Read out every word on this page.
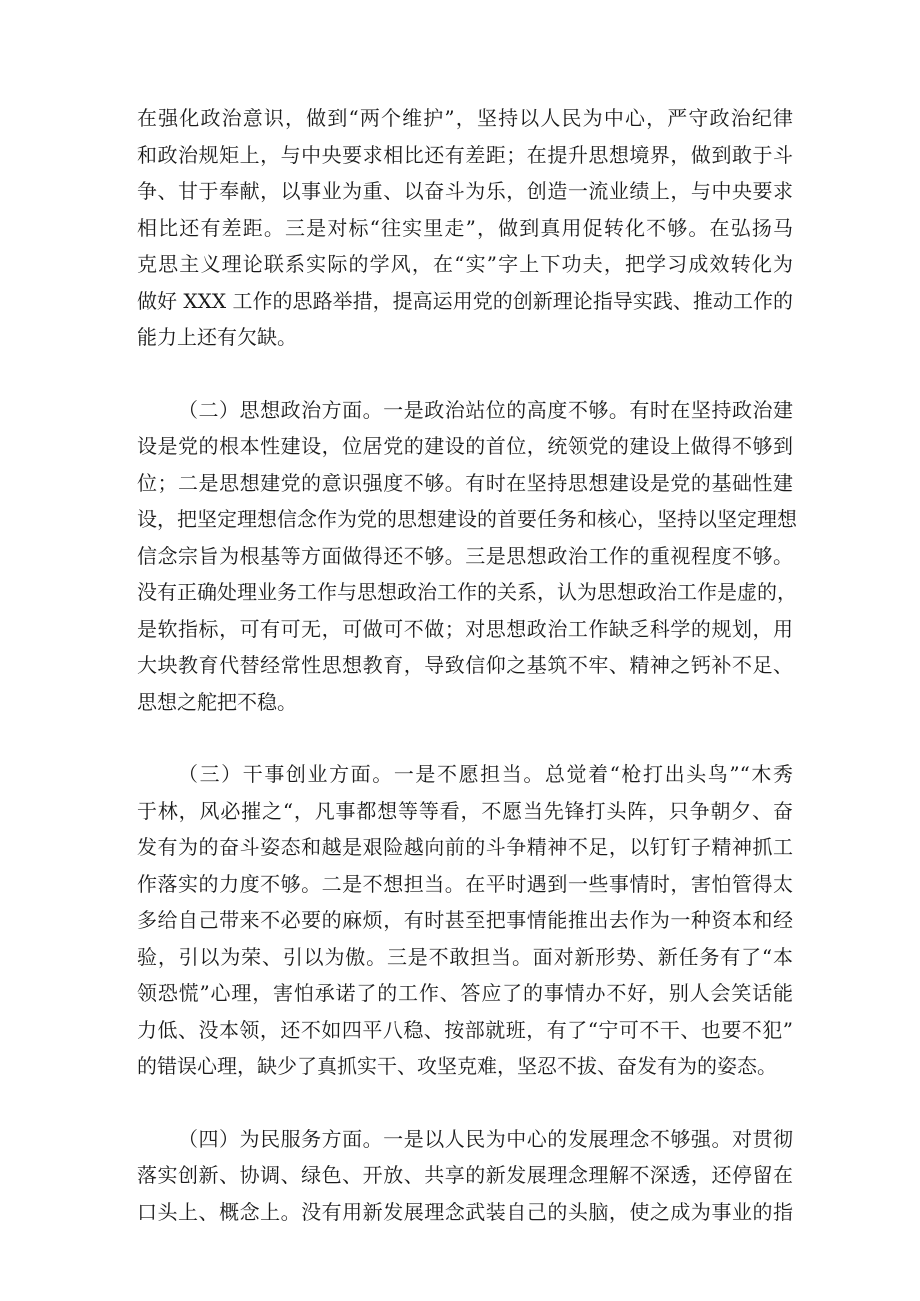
在强化政治意识，做到“两个维护”，坚持以人民为中心，严守政治纪律
和政治规矩上，与中央要求相比还有差距；在提升思想境界，做到敢于斗
争、甘于奉献，以事业为重、以奋斗为乐，创造一流业绩上，与中央要求
相比还有差距。三是对标“往实里走”，做到真用促转化不够。在弘扬马
克思主义理论联系实际的学风，在“实”字上下功夫，把学习成效转化为
做好 XXX 工作的思路举措，提高运用党的创新理论指导实践、推动工作的
能力上还有欠缺。

（二）思想政治方面。一是政治站位的高度不够。有时在坚持政治建
设是党的根本性建设，位居党的建设的首位，统领党的建设上做得不够到
位；二是思想建党的意识强度不够。有时在坚持思想建设是党的基础性建
设，把坚定理想信念作为党的思想建设的首要任务和核心，坚持以坚定理想
信念宗旨为根基等方面做得还不够。三是思想政治工作的重视程度不够。
没有正确处理业务工作与思想政治工作的关系，认为思想政治工作是虚的，
是软指标，可有可无，可做可不做；对思想政治工作缺乏科学的规划，用
大块教育代替经常性思想教育，导致信仰之基筑不牢、精神之钙补不足、
思想之舵把不稳。

（三）干事创业方面。一是不愿担当。总觉着“枪打出头鸟”“木秀
于林，风必摧之“，凡事都想等等看，不愿当先锋打头阵，只争朝夕、奋
发有为的奋斗姿态和越是艰险越向前的斗争精神不足，以钉钉子精神抓工
作落实的力度不够。二是不想担当。在平时遇到一些事情时，害怕管得太
多给自己带来不必要的麻烦，有时甚至把事情能推出去作为一种资本和经
验，引以为荣、引以为傲。三是不敢担当。面对新形势、新任务有了“本
领恐慌”心理，害怕承诺了的工作、答应了的事情办不好，别人会笑话能
力低、没本领，还不如四平八稳、按部就班，有了“宁可不干、也要不犯”
的错误心理，缺少了真抓实干、攻坚克难，坚忍不拔、奋发有为的姿态。

（四）为民服务方面。一是以人民为中心的发展理念不够强。对贯彻
落实创新、协调、绿色、开放、共享的新发展理念理解不深透，还停留在
口头上、概念上。没有用新发展理念武装自己的头脑，使之成为事业的指
